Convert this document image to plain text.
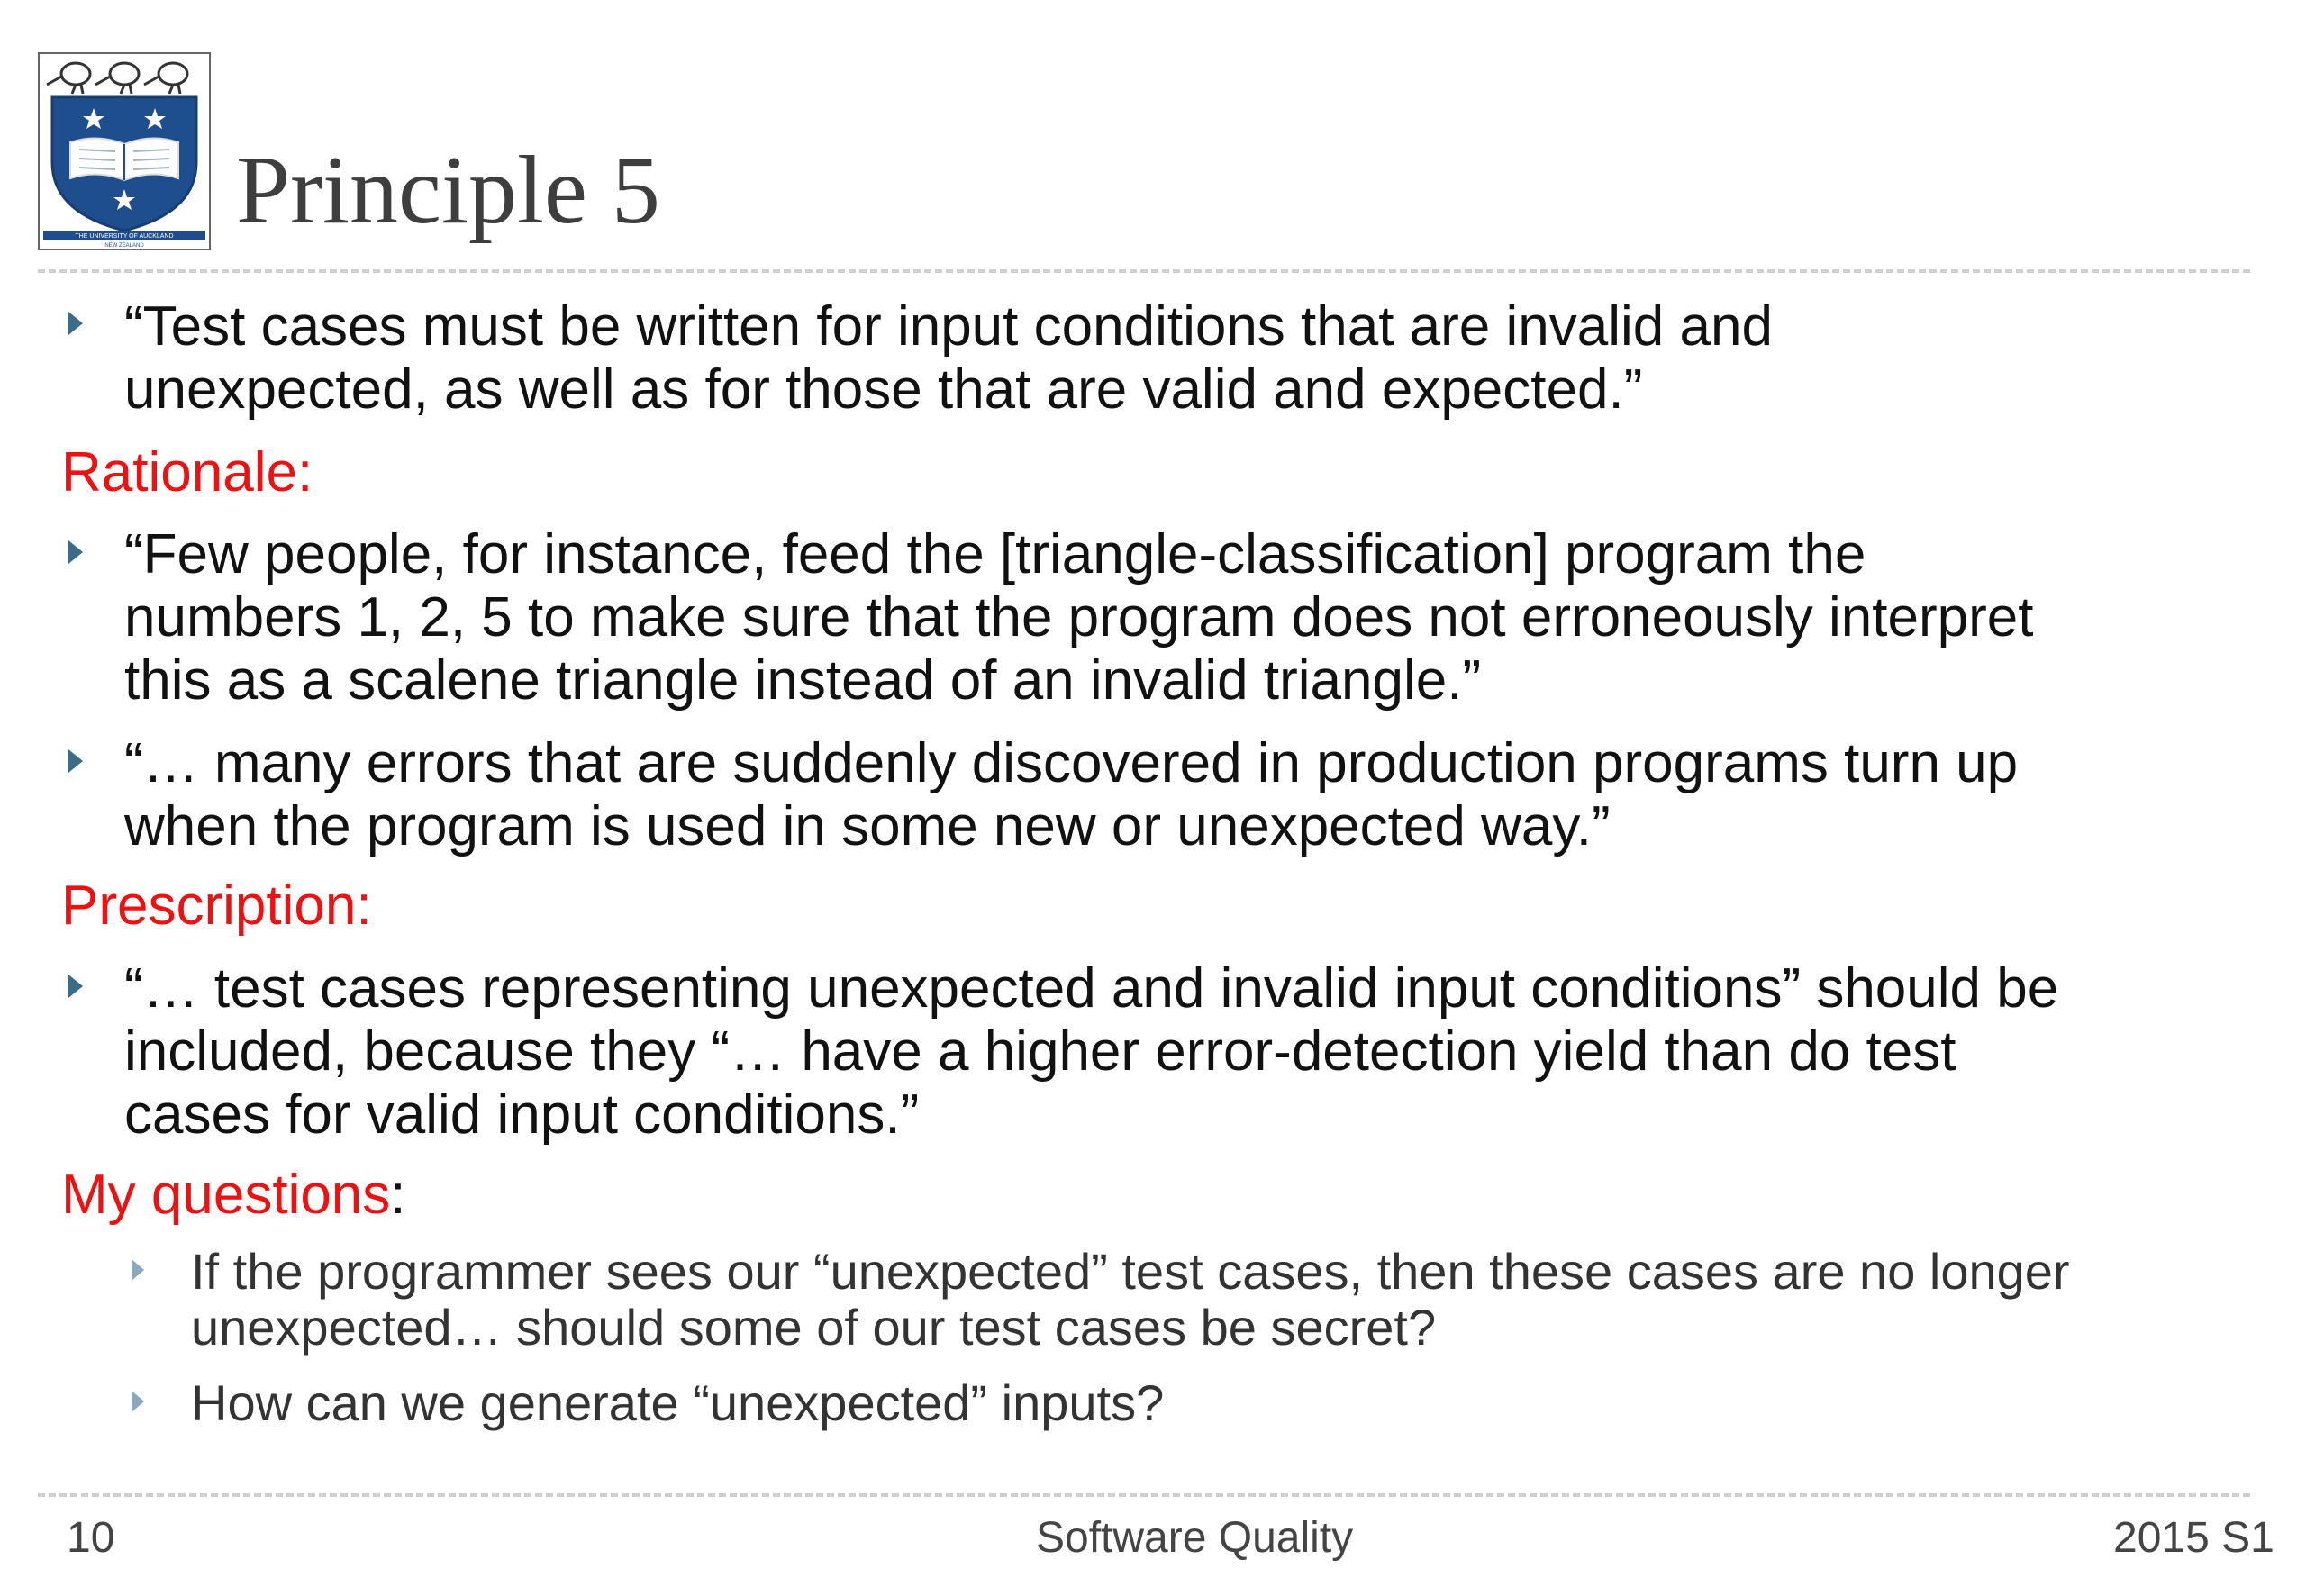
THE UNIVERSITY OF AUCKLAND
NEW ZEALAND
Principle 5
“Test cases must be written for input conditions that are invalid and
unexpected, as well as for those that are valid and expected.”
Rationale:
“Few people, for instance, feed the [triangle-classification] program the
numbers 1, 2, 5 to make sure that the program does not erroneously interpret
this as a scalene triangle instead of an invalid triangle.”
“… many errors that are suddenly discovered in production programs turn up
when the program is used in some new or unexpected way.”
Prescription:
“… test cases representing unexpected and invalid input conditions” should be
included, because they “… have a higher error-detection yield than do test
cases for valid input conditions.”
My questions:
If the programmer sees our “unexpected” test cases, then these cases are no longer
unexpected… should some of our test cases be secret?
How can we generate “unexpected” inputs?
10	Software Quality	2015 S1
